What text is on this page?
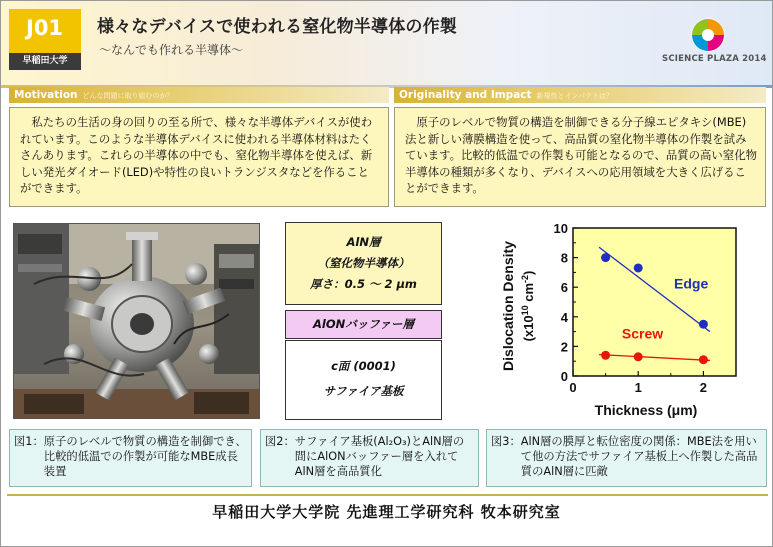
J01
早稲田大学
様々なデバイスで使われる窒化物半導体の作製
～なんでも作れる半導体～
SCIENCE PLAZA 2014
Motivation どんな問題に取り組むのか？	Originality and Impact 新規性とインパクトは？
私たちの生活の身の回りの至る所で、様々な半導体デバイスが使われています。このような半導体デバイスに使われる半導体材料はたくさんあります。これらの半導体の中でも、窒化物半導体を使えば、新しい発光ダイオード(LED)や特性の良いトランジスタなどを作ることができます。
原子のレベルで物質の構造を制御できる分子線エピタキシ(MBE)法と新しい薄膜構造を使って、高品質の窒化物半導体の作製を試みています。比較的低温での作製も可能となるので、品質の高い窒化物半導体の種類が多くなり、デバイスへの応用領域を大きく広げることができます。
AlN層
（窒化物半導体）
厚さ：0.5 ～ 2 μm
AlONバッファー層
c面 (0001)
サファイア基板
0
2
4
6
8
10
0	1	2
Edge
Screw
Dislocation Density ($x10^{10}$ $cm^{-2}$)
Thickness (μm)
図1： 原子のレベルで物質の構造を制御でき、比較的低温での作製が可能なMBE成長装置
図2： サファイア基板(Al₂O₃)とAlN層の間にAlONバッファー層を入れてAlN層を高品質化
図3： AlN層の膜厚と転位密度の関係：MBE法を用いて他の方法でサファイア基板上へ作製した高品質のAlN層に匹敵
早稲田大学大学院 先進理工学研究科 牧本研究室
